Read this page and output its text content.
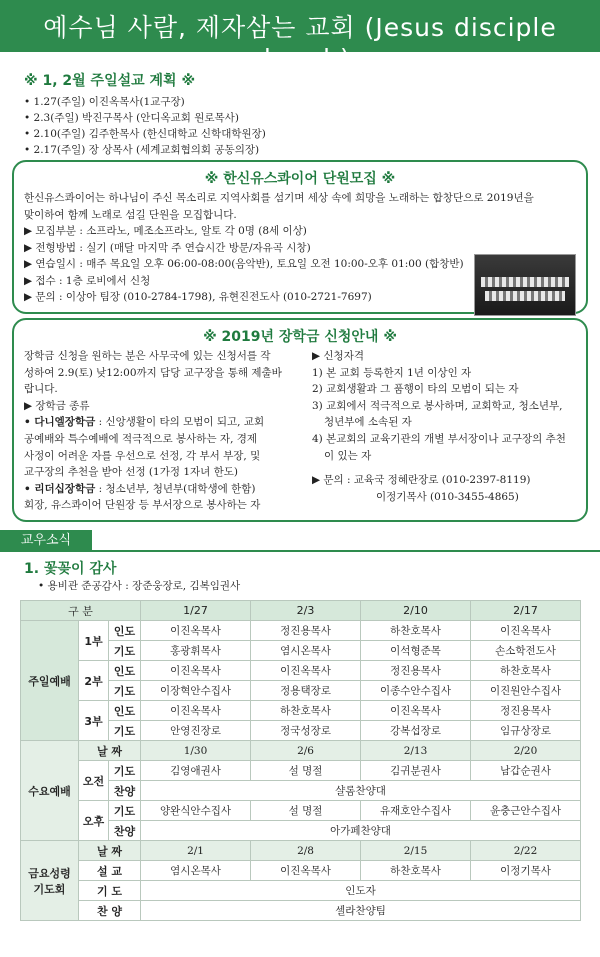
예수님 사람, 제자삼는 교회 (Jesus disciple church)
※ 1, 2월 주일설교 계획 ※
• 1.27(주일) 이진옥목사(1교구장)
• 2.3(주일) 박진구목사 (안디옥교회 원로목사)
• 2.10(주일) 김주한목사 (한신대학교 신학대학원장)
• 2.17(주일) 장 상목사 (세계교회협의회 공동의장)
※ 한신유스콰이어 단원모집 ※

한신유스콰이어는 하나님이 주신 목소리로 지역사회를 섬기며 세상 속에 희망을 노래하는 합창단으로 2019년을

맞이하여 함께 노래로 섬길 단원을 모집합니다.

▶ 모집부분 : 소프라노, 메조소프라노, 알토 각 0명 (8세 이상)

▶ 전형방법 : 실기 (매달 마지막 주 연습시간 방문/자유곡 시창)

▶ 연습일시 : 매주 목요일 오후 06:00-08:00(음악반), 토요일 오전 10:00-오후 01:00 (합창반)

▶ 접수 : 1층 로비에서 신청

▶ 문의 : 이상아 팀장 (010-2784-1798), 유현진전도사 (010-2721-7697)

※ 2019년 장학금 신청안내 ※

장학금 신청을 원하는 분은 사무국에 있는 신청서를 작

성하여 2.9(토) 낮12:00까지 담당 교구장을 통해 제출바

랍니다.

▶ 장학금 종류

• 다니엘장학금 : 신앙생활이 타의 모범이 되고, 교회

공예배와 특수예배에 적극적으로 봉사하는 자, 경제

사정이 어려운 자를 우선으로 선정, 각 부서 부장, 및

교구장의 추천을 받아 선정 (1가정 1자녀 한도)

• 리더십장학금 : 청소년부, 청년부(대학생에 한함)

회장, 유스콰이어 단원장 등 부서장으로 봉사하는 자

▶ 신청자격

1) 본 교회 등록한지 1년 이상인 자

2) 교회생활과 그 품행이 타의 모범이 되는 자

3) 교회에서 적극적으로 봉사하며, 교회학교, 청소년부,

청년부에 소속된 자

4) 본교회의 교육기관의 개별 부서장이나 교구장의 추천

이 있는 자

▶ 문의 : 교육국 정혜란장로 (010-2397-8119)

이정기목사 (010-3455-4865)

교우소식
1. 꽃꽂이 감사
• 용비관 준공감사 : 장준웅장로, 김복임권사
구 분			1/27	2/3	2/10	2/17
주일예배	1부	인도	이진옥목사	정진용목사	하찬호목사	이진옥목사
		기도	홍광휘목사	염시온목사	이석형준목	손소학전도사
	2부	인도	이진옥목사	이진옥목사	정진용목사	하찬호목사
		기도	이장혁안수집사	정용택장로	이종수안수집사	이진원안수집사
	3부	인도	이진옥목사	하찬호목사	이진옥목사	정진용목사
		기도	안영진장로	정국성장로	강복섭장로	임규상장로
수요예배	날 짜		1/30	2/6	2/13	2/20
	오전	기도	김영애권사	설 명절	김귀분권사	남갑순권사
		찬양	샬롬찬양대			
	오후	기도	양완식안수집사	설 명절	유재호안수집사	윤충근안수집사
		찬양	아가페찬양대			
금요성령
기도회	날 짜		2/1	2/8	2/15	2/22
	설 교		염시온목사	이진옥목사	하찬호목사	이정기목사
	기 도		인도자			
	찬 양		셀라찬양팀			
